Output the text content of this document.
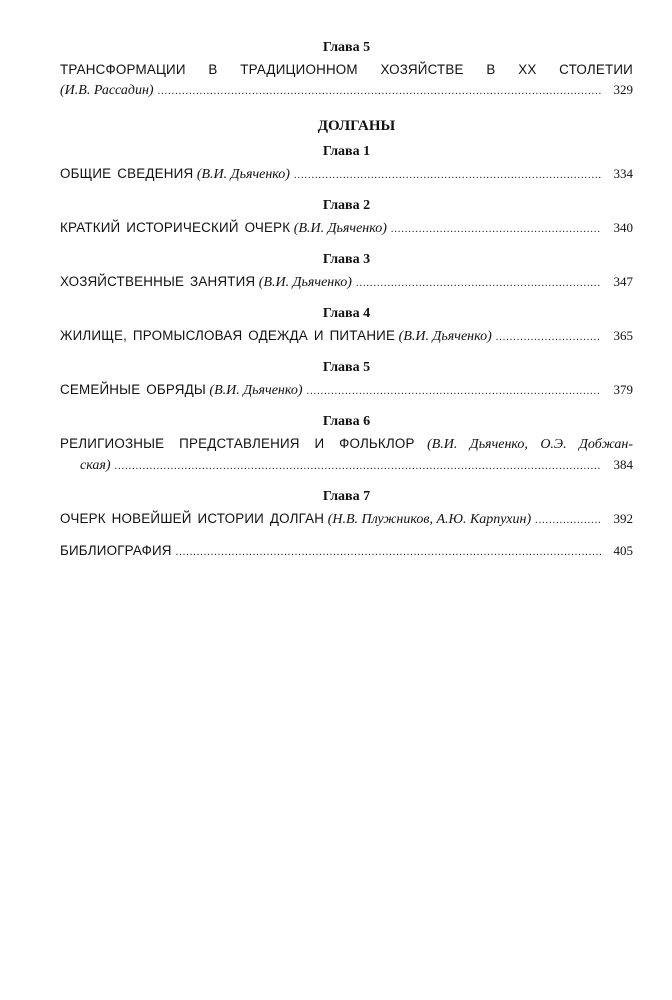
Глава 5

ТРАНСФОРМАЦИИ В ТРАДИЦИОННОМ ХОЗЯЙСТВЕ В XX СТОЛЕТИИ
(И.В. Рассадин) .....	329

ДОЛГАНЫ

Глава 1

ОБЩИЕ СВЕДЕНИЯ
(В.И. Дьяченко) .....	334

Глава 2

КРАТКИЙ ИСТОРИЧЕСКИЙ ОЧЕРК
(В.И. Дьяченко) .....	340

Глава 3

ХОЗЯЙСТВЕННЫЕ ЗАНЯТИЯ
(В.И. Дьяченко) .....	347

Глава 4

ЖИЛИЩЕ, ПРОМЫСЛОВАЯ ОДЕЖДА И ПИТАНИЕ
(В.И. Дьяченко) .....	365

Глава 5

СЕМЕЙНЫЕ ОБРЯДЫ
(В.И. Дьяченко) .....	379

Глава 6

РЕЛИГИОЗНЫЕ ПРЕДСТАВЛЕНИЯ И ФОЛЬКЛОР (В.И. Дьяченко, О.Э. Добжан-
ская) .....	384

Глава 7

ОЧЕРК НОВЕЙШЕЙ ИСТОРИИ ДОЛГАН
(Н.В. Плужников, А.Ю. Карпухин) .....	392
БИБЛИОГРАФИЯ .....	405
